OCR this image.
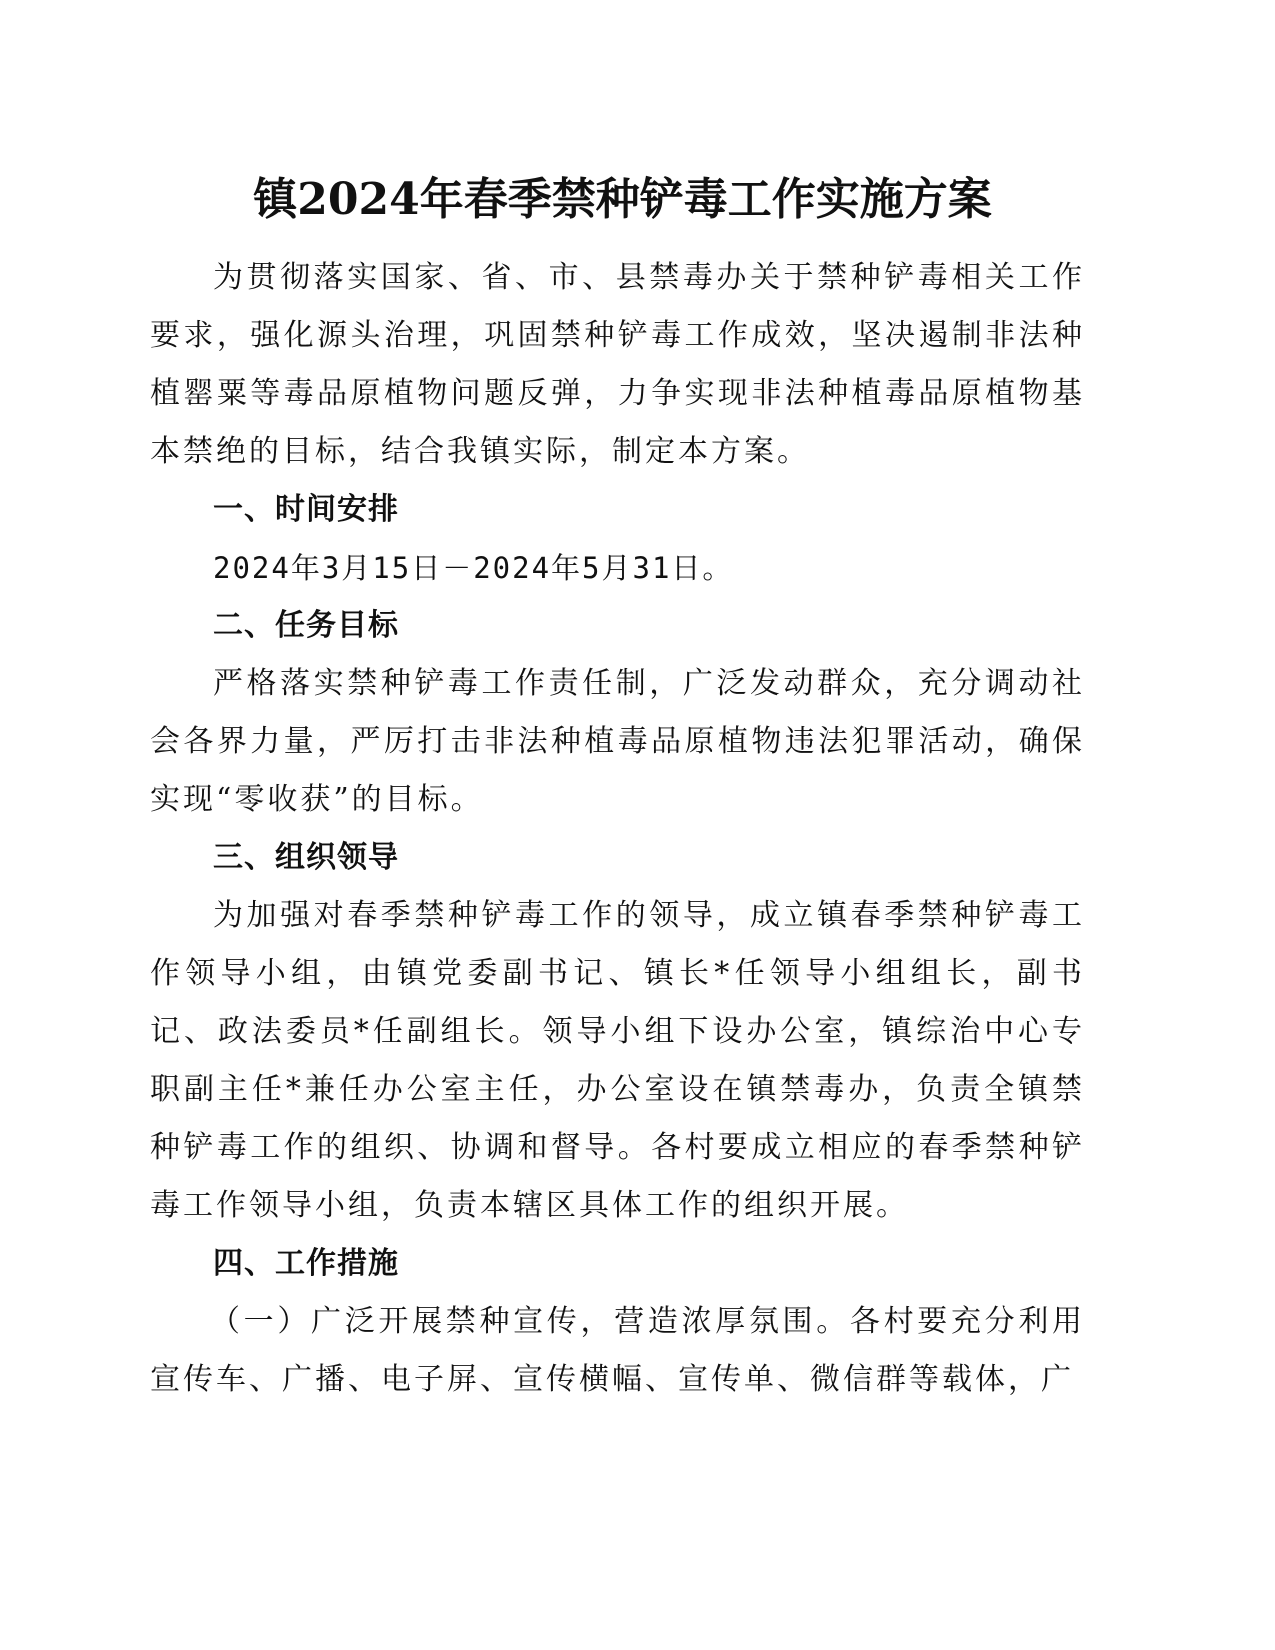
镇2024年春季禁种铲毒工作实施方案

为贯彻落实国家、省、市、县禁毒办关于禁种铲毒相关工作要求，强化源头治理，巩固禁种铲毒工作成效，坚决遏制非法种植罂粟等毒品原植物问题反弹，力争实现非法种植毒品原植物基本禁绝的目标，结合我镇实际，制定本方案。

一、时间安排

2024年3月15日－2024年5月31日。

二、任务目标

严格落实禁种铲毒工作责任制，广泛发动群众，充分调动社会各界力量，严厉打击非法种植毒品原植物违法犯罪活动，确保实现“零收获”的目标。

三、组织领导

为加强对春季禁种铲毒工作的领导，成立镇春季禁种铲毒工作领导小组，由镇党委副书记、镇长*任领导小组组长，副书记、政法委员*任副组长。领导小组下设办公室，镇综治中心专职副主任*兼任办公室主任，办公室设在镇禁毒办，负责全镇禁种铲毒工作的组织、协调和督导。各村要成立相应的春季禁种铲毒工作领导小组，负责本辖区具体工作的组织开展。

四、工作措施

（一）广泛开展禁种宣传，营造浓厚氛围。各村要充分利用宣传车、广播、电子屏、宣传横幅、宣传单、微信群等载体，广
